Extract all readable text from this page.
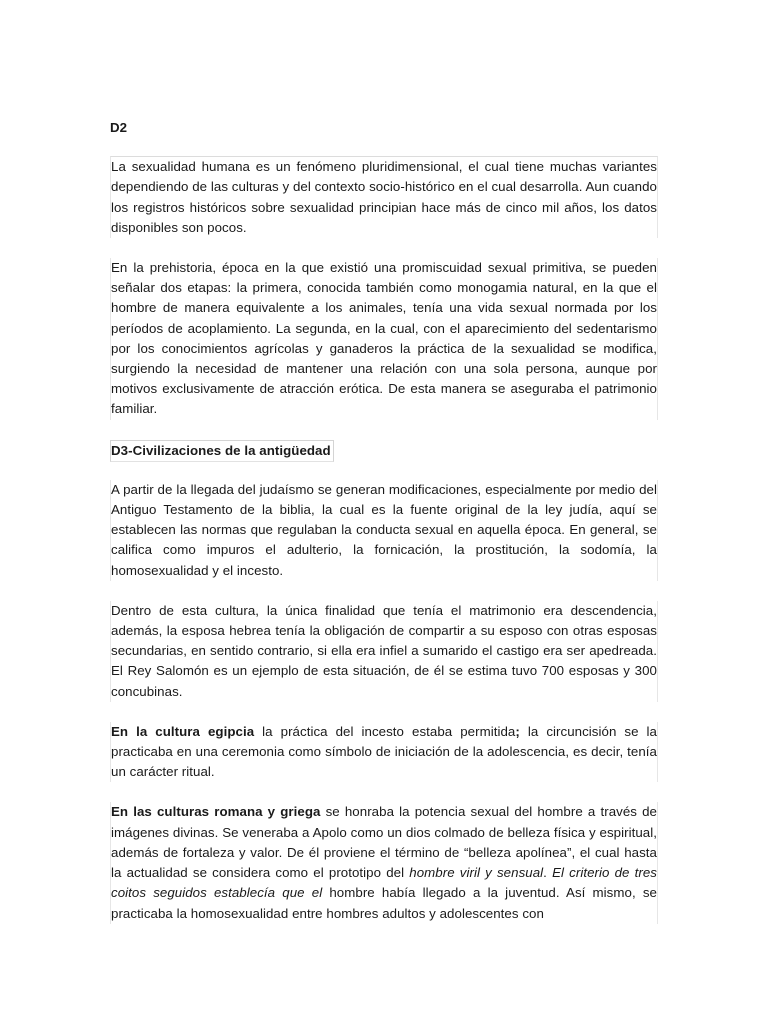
D2

La sexualidad humana es un fenómeno pluridimensional, el cual tiene muchas variantes dependiendo de las culturas y del contexto socio-histórico en el cual desarrolla. Aun cuando los registros históricos sobre sexualidad principian hace más de cinco mil años, los datos disponibles son pocos.

En la prehistoria, época en la que existió una promiscuidad sexual primitiva, se pueden señalar dos etapas: la primera, conocida también como monogamia natural, en la que el hombre de manera equivalente a los animales, tenía una vida sexual normada por los períodos de acoplamiento. La segunda, en la cual, con el aparecimiento del sedentarismo por los conocimientos agrícolas y ganaderos la práctica de la sexualidad se modifica, surgiendo la necesidad de mantener una relación con una sola persona, aunque por motivos exclusivamente de atracción erótica. De esta manera se aseguraba el patrimonio familiar.

D3-Civilizaciones de la antigüedad

A partir de la llegada del judaísmo se generan modificaciones, especialmente por medio del Antiguo Testamento de la biblia, la cual es la fuente original de la ley judía, aquí se establecen las normas que regulaban la conducta sexual en aquella época. En general, se califica como impuros el adulterio, la fornicación, la prostitución, la sodomía, la homosexualidad y el incesto.

Dentro de esta cultura, la única finalidad que tenía el matrimonio era descendencia, además, la esposa hebrea tenía la obligación de compartir a su esposo con otras esposas secundarias, en sentido contrario, si ella era infiel a sumarido el castigo era ser apedreada. El Rey Salomón es un ejemplo de esta situación, de él se estima tuvo 700 esposas y 300 concubinas.

En la cultura egipcia la práctica del incesto estaba permitida; la circuncisión se la practicaba en una ceremonia como símbolo de iniciación de la adolescencia, es decir, tenía un carácter ritual.

En las culturas romana y griega se honraba la potencia sexual del hombre a través de imágenes divinas. Se veneraba a Apolo como un dios colmado de belleza física y espiritual, además de fortaleza y valor. De él proviene el término de “belleza apolínea”, el cual hasta la actualidad se considera como el prototipo del hombre viril y sensual. El criterio de tres coitos seguidos establecía que el hombre había llegado a la juventud. Así mismo, se practicaba la homosexualidad entre hombres adultos y adolescentes con
